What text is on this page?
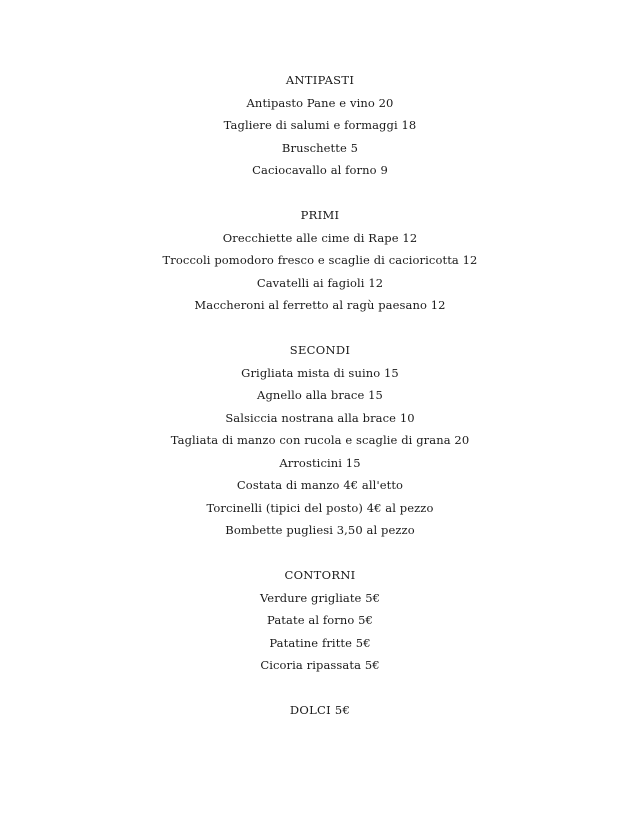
ANTIPASTI
Antipasto Pane e vino 20
Tagliere di salumi e formaggi 18
Bruschette 5
Caciocavallo al forno 9
PRIMI
Orecchiette alle cime di Rape 12
Troccoli pomodoro fresco e scaglie di cacioricotta 12
Cavatelli ai fagioli 12
Maccheroni al ferretto al ragù paesano 12
SECONDI
Grigliata mista di suino 15
Agnello alla brace 15
Salsiccia nostrana alla brace 10
Tagliata di manzo con rucola e scaglie di grana 20
Arrosticini 15
Costata di manzo 4€ all'etto
Torcinelli (tipici del posto) 4€ al pezzo
Bombette pugliesi 3,50 al pezzo
CONTORNI
Verdure grigliate 5€
Patate al forno 5€
Patatine fritte 5€
Cicoria ripassata 5€
DOLCI 5€
